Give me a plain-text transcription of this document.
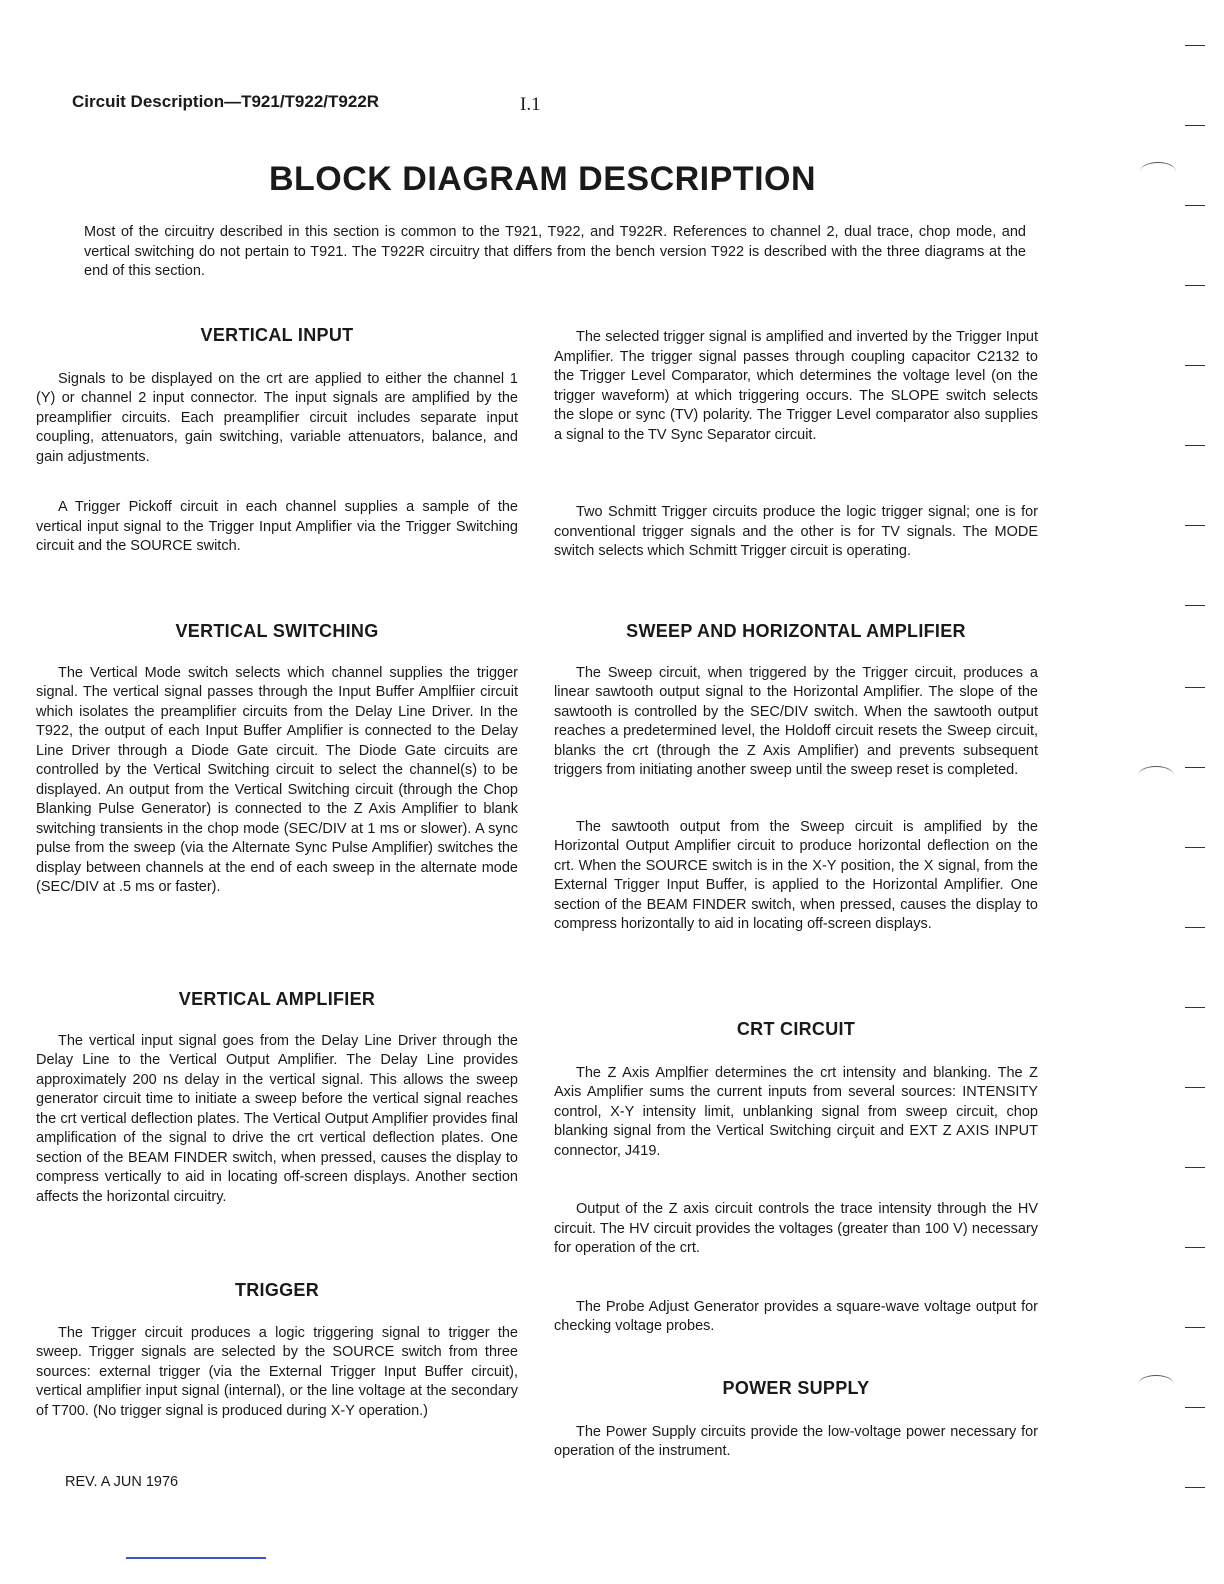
Circuit Description—T921/T922/T922R	I.1
BLOCK DIAGRAM DESCRIPTION
Most of the circuitry described in this section is common to the T921, T922, and T922R. References to channel 2, dual trace, chop mode, and vertical switching do not pertain to T921. The T922R circuitry that differs from the bench version T922 is described with the three diagrams at the end of this section.
VERTICAL INPUT

Signals to be displayed on the crt are applied to either the channel 1 (Y) or channel 2 input connector. The input signals are amplified by the preamplifier circuits. Each preamplifier circuit includes separate input coupling, attenuators, gain switching, variable attenuators, balance, and gain adjustments.

A Trigger Pickoff circuit in each channel supplies a sample of the vertical input signal to the Trigger Input Amplifier via the Trigger Switching circuit and the SOURCE switch.

VERTICAL SWITCHING

The Vertical Mode switch selects which channel supplies the trigger signal. The vertical signal passes through the Input Buffer Amplfiier circuit which isolates the preamplifier circuits from the Delay Line Driver. In the T922, the output of each Input Buffer Amplifier is connected to the Delay Line Driver through a Diode Gate circuit. The Diode Gate circuits are controlled by the Vertical Switching circuit to select the channel(s) to be displayed. An output from the Vertical Switching circuit (through the Chop Blanking Pulse Generator) is connected to the Z Axis Amplifier to blank switching transients in the chop mode (SEC/DIV at 1 ms or slower). A sync pulse from the sweep (via the Alternate Sync Pulse Amplifier) switches the display between channels at the end of each sweep in the alternate mode (SEC/DIV at .5 ms or faster).

VERTICAL AMPLIFIER

The vertical input signal goes from the Delay Line Driver through the Delay Line to the Vertical Output Amplifier. The Delay Line provides approximately 200 ns delay in the vertical signal. This allows the sweep generator circuit time to initiate a sweep before the vertical signal reaches the crt vertical deflection plates. The Vertical Output Amplifier provides final amplification of the signal to drive the crt vertical deflection plates. One section of the BEAM FINDER switch, when pressed, causes the display to compress vertically to aid in locating off-screen displays. Another section affects the horizontal circuitry.

TRIGGER

The Trigger circuit produces a logic triggering signal to trigger the sweep. Trigger signals are selected by the SOURCE switch from three sources: external trigger (via the External Trigger Input Buffer circuit), vertical amplifier input signal (internal), or the line voltage at the secondary of T700. (No trigger signal is produced during X-Y operation.)

The selected trigger signal is amplified and inverted by the Trigger Input Amplifier. The trigger signal passes through coupling capacitor C2132 to the Trigger Level Comparator, which determines the voltage level (on the trigger waveform) at which triggering occurs. The SLOPE switch selects the slope or sync (TV) polarity. The Trigger Level comparator also supplies a signal to the TV Sync Separator circuit.

Two Schmitt Trigger circuits produce the logic trigger signal; one is for conventional trigger signals and the other is for TV signals. The MODE switch selects which Schmitt Trigger circuit is operating.

SWEEP AND HORIZONTAL AMPLIFIER

The Sweep circuit, when triggered by the Trigger circuit, produces a linear sawtooth output signal to the Horizontal Amplifier. The slope of the sawtooth is controlled by the SEC/DIV switch. When the sawtooth output reaches a predetermined level, the Holdoff circuit resets the Sweep circuit, blanks the crt (through the Z Axis Amplifier) and prevents subsequent triggers from initiating another sweep until the sweep reset is completed.

The sawtooth output from the Sweep circuit is amplified by the Horizontal Output Amplifier circuit to produce horizontal deflection on the crt. When the SOURCE switch is in the X-Y position, the X signal, from the External Trigger Input Buffer, is applied to the Horizontal Amplifier. One section of the BEAM FINDER switch, when pressed, causes the display to compress horizontally to aid in locating off-screen displays.

CRT CIRCUIT

The Z Axis Amplfier determines the crt intensity and blanking. The Z Axis Amplifier sums the current inputs from several sources: INTENSITY control, X-Y intensity limit, unblanking signal from sweep circuit, chop blanking signal from the Vertical Switching cirçuit and EXT Z AXIS INPUT connector, J419.

Output of the Z axis circuit controls the trace intensity through the HV circuit. The HV circuit provides the voltages (greater than 100 V) necessary for operation of the crt.

The Probe Adjust Generator provides a square-wave voltage output for checking voltage probes.

POWER SUPPLY

The Power Supply circuits provide the low-voltage power necessary for operation of the instrument.

REV. A JUN 1976
